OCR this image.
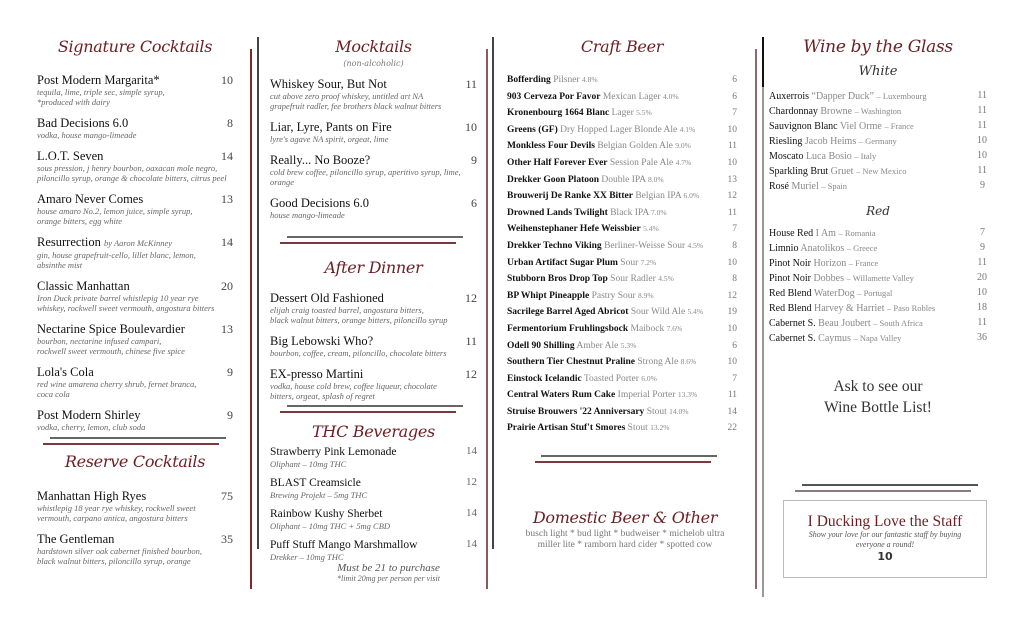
Signature Cocktails
Post Modern Margarita*	10
tequila, lime, triple sec, simple syrup,
*produced with dairy
Bad Decisions 6.0	8
vodka, house mango-limeade
L.O.T. Seven	14
sous pression, j henry bourbon, oaxacan mole negro,
piloncillo syrup, orange & chocolate bitters, citrus peel
Amaro Never Comes	13
house amaro No.2, lemon juice, simple syrup,
orange bitters, egg white
Resurrection by Aaron McKinney	14
gin, house grapefruit-cello, lillet blanc, lemon,
absinthe mist
Classic Manhattan	20
Iron Duck private barrel whistlepig 10 year rye
whiskey, rockwell sweet vermouth, angostura bitters
Nectarine Spice Boulevardier	13
bourbon, nectarine infused campari,
rockwell sweet vermouth, chinese five spice
Lola's Cola	9
red wine amarena cherry shrub, fernet branca,
coca cola
Post Modern Shirley	9
vodka, cherry, lemon, club soda
Reserve Cocktails
Manhattan High Ryes	75
whistlepig 18 year rye whiskey, rockwell sweet
vermouth, carpano antica, angostura bitters
The Gentleman	35
hardstown silver oak cabernet finished bourbon,
black walnut bitters, piloncillo syrup, orange
Mocktails
(non-alcoholic)
Whiskey Sour, But Not	11
cut above zero proof whiskey, untitled art NA
grapefruit radler, fee brothers black walnut bitters
Liar, Lyre, Pants on Fire	10
lyre's agave NA spirit, orgeat, lime
Really... No Booze?	9
cold brew coffee, piloncillo syrup, aperitivo syrup, lime,
orange
Good Decisions 6.0	6
house mango-limeade
After Dinner
Dessert Old Fashioned	12
elijah craig toasted barrel, angostura bitters,
black walnut bitters, orange bitters, piloncillo syrup
Big Lebowski Who?	11
bourbon, coffee, cream, piloncillo, chocolate bitters
EX-presso Martini	12
vodka, house cold brew, coffee liqueur, chocolate
bitters, orgeat, splash of regret
THC Beverages
Strawberry Pink Lemonade	14
Oliphant – 10mg THC
BLAST Creamsicle	12
Brewing Projekt – 5mg THC
Rainbow Kushy Sherbet	14
Oliphant – 10mg THC + 5mg CBD
Puff Stuff Mango Marshmallow	14
Drekker – 10mg THC
Must be 21 to purchase
*limit 20mg per person per visit
Craft Beer
Bofferding Pilsner 4.8%	6
903 Cerveza Por Favor Mexican Lager 4.0%	6
Kronenbourg 1664 Blanc Lager 5.5%	7
Greens (GF) Dry Hopped Lager Blonde Ale 4.1%	10
Monkless Four Devils Belgian Golden Ale 9.0%	11
Other Half Forever Ever Session Pale Ale 4.7%	10
Drekker Goon Platoon Double IPA 8.0%	13
Brouwerij De Ranke XX Bitter Belgian IPA 6.0%	12
Drowned Lands Twilight Black IPA 7.0%	11
Weihenstephaner Hefe Weissbier 5.4%	7
Drekker Techno Viking Berliner-Weisse Sour 4.5%	8
Urban Artifact Sugar Plum Sour 7.2%	10
Stubborn Bros Drop Top Sour Radler 4.5%	8
BP Whipt Pineapple Pastry Sour 8.9%	12
Sacrilege Barrel Aged Abricot Sour Wild Ale 5.4%	19
Fermentorium Fruhlingsbock Maibock 7.6%	10
Odell 90 Shilling Amber Ale 5.3%	6
Southern Tier Chestnut Praline Strong Ale 8.6%	10
Einstock Icelandic Toasted Porter 6.0%	7
Central Waters Rum Cake Imperial Porter 13.3%	11
Struise Brouwers '22 Anniversary Stout 14.0%	14
Prairie Artisan Stuf't Smores Stout 13.2%	22
Domestic Beer & Other
busch light * bud light * budweiser * michelob ultra
miller lite * ramborn hard cider * spotted cow
Wine by the Glass
White
Auxerrois “Dapper Duck” – Luxembourg	11
Chardonnay Browne – Washington	11
Sauvignon Blanc Viel Orme – France	11
Riesling Jacob Heims – Germany	10
Moscato Luca Bosio – Italy	10
Sparkling Brut Gruet – New Mexico	11
Rosé Muriel – Spain	9
Red
House Red I Am – Romania	7
Limnio Anatolikos – Greece	9
Pinot Noir Horizon – France	11
Pinot Noir Dobbes – Willamette Valley	20
Red Blend WaterDog – Portugal	10
Red Blend Harvey & Harriet – Paso Robles	18
Cabernet S. Beau Joubert – South Africa	11
Cabernet S. Caymus – Napa Valley	36
Ask to see our
Wine Bottle List!
I Ducking Love the Staff
Show your love for our fantastic staff by buying
everyone a round!
10
